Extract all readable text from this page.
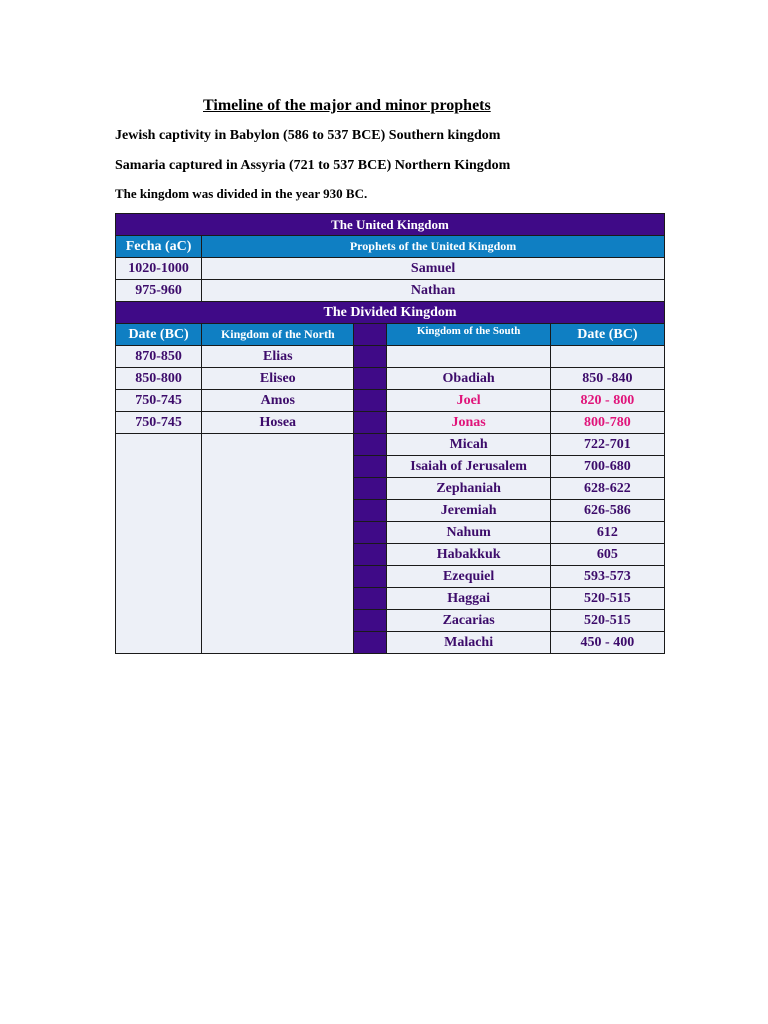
Timeline of the major and minor prophets
Jewish captivity in Babylon (586 to 537 BCE) Southern kingdom
Samaria captured in Assyria (721 to 537 BCE) Northern Kingdom
The kingdom was divided in the year 930 BC.
The United Kingdom				
Fecha (aC)	Prophets of the United Kingdom			
1020-1000	Samuel			
975-960	Nathan			
The Divided Kingdom				
Date (BC)	Kingdom of the North		Kingdom of the South	Date (BC)
870-850	Elias			
850-800	Eliseo		Obadiah	850 -840
750-745	Amos		Joel	820 - 800
750-745	Hosea		Jonas	800-780
			Micah	722-701
			Isaiah of Jerusalem	700-680
			Zephaniah	628-622
			Jeremiah	626-586
			Nahum	612
			Habakkuk	605
			Ezequiel	593-573
			Haggai	520-515
			Zacarias	520-515
			Malachi	450 - 400
